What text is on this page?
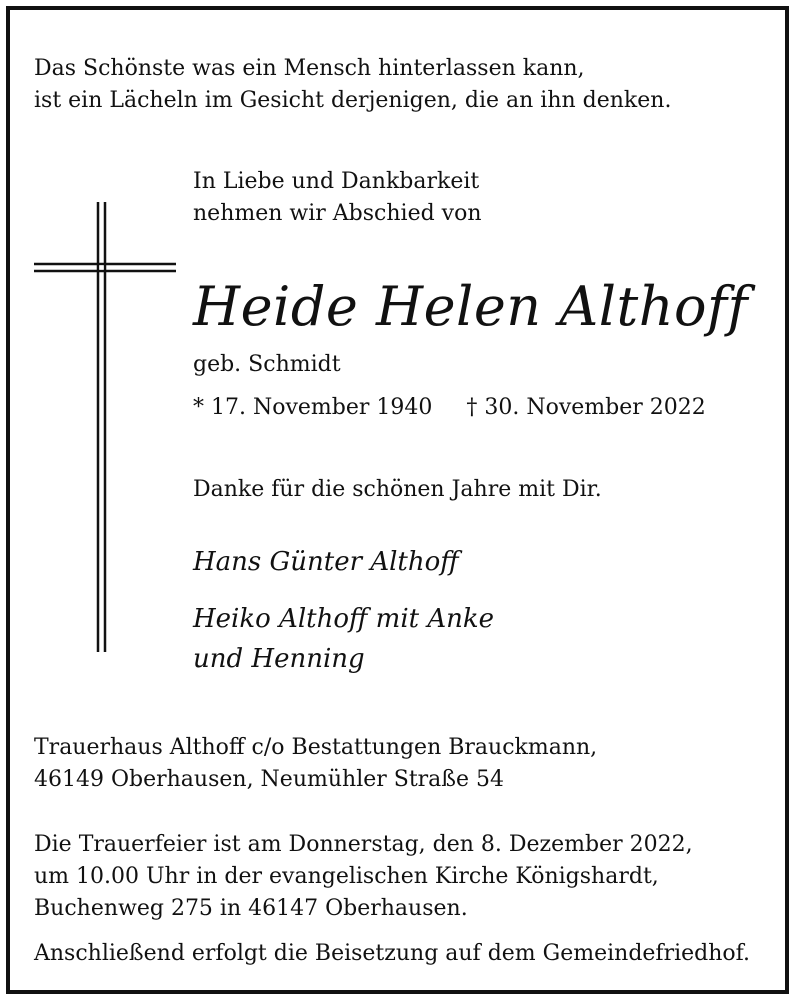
Das Schönste was ein Mensch hinterlassen kann,
ist ein Lächeln im Gesicht derjenigen, die an ihn denken.

In Liebe und Dankbarkeit
nehmen wir Abschied von

Heide Helen Althoff

geb. Schmidt

* 17. November 1940 † 30. November 2022

Danke für die schönen Jahre mit Dir.

Hans Günter Althoff
Heiko Althoff mit Anke
und Henning

Trauerhaus Althoff c/o Bestattungen Brauckmann,
46149 Oberhausen, Neumühler Straße 54

Die Trauerfeier ist am Donnerstag, den 8. Dezember 2022,
um 10.00 Uhr in der evangelischen Kirche Königshardt,
Buchenweg 275 in 46147 Oberhausen.

Anschließend erfolgt die Beisetzung auf dem Gemeindefriedhof.
